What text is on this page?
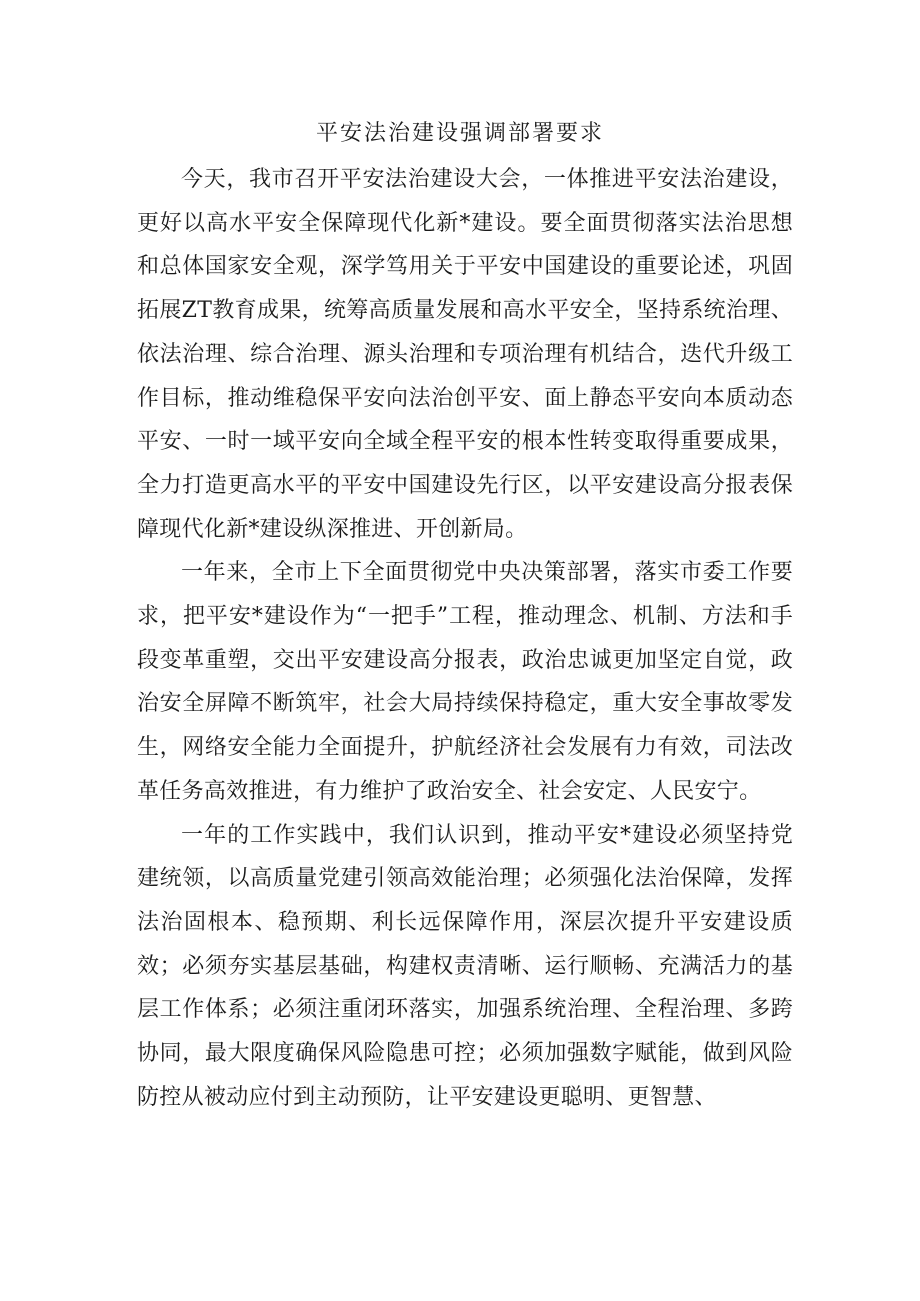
平安法治建设强调部署要求

今天，我市召开平安法治建设大会，一体推进平安法治建设，更好以高水平安全保障现代化新*建设。要全面贯彻落实法治思想和总体国家安全观，深学笃用关于平安中国建设的重要论述，巩固拓展ZT教育成果，统筹高质量发展和高水平安全，坚持系统治理、依法治理、综合治理、源头治理和专项治理有机结合，迭代升级工作目标，推动维稳保平安向法治创平安、面上静态平安向本质动态平安、一时一域平安向全域全程平安的根本性转变取得重要成果，全力打造更高水平的平安中国建设先行区，以平安建设高分报表保障现代化新*建设纵深推进、开创新局。

一年来，全市上下全面贯彻党中央决策部署，落实市委工作要求，把平安*建设作为“一把手”工程，推动理念、机制、方法和手段变革重塑，交出平安建设高分报表，政治忠诚更加坚定自觉，政治安全屏障不断筑牢，社会大局持续保持稳定，重大安全事故零发生，网络安全能力全面提升，护航经济社会发展有力有效，司法改革任务高效推进，有力维护了政治安全、社会安定、人民安宁。

一年的工作实践中，我们认识到，推动平安*建设必须坚持党建统领，以高质量党建引领高效能治理；必须强化法治保障，发挥法治固根本、稳预期、利长远保障作用，深层次提升平安建设质效；必须夯实基层基础，构建权责清晰、运行顺畅、充满活力的基层工作体系；必须注重闭环落实，加强系统治理、全程治理、多跨协同，最大限度确保风险隐患可控；必须加强数字赋能，做到风险防控从被动应付到主动预防，让平安建设更聪明、更智慧、
